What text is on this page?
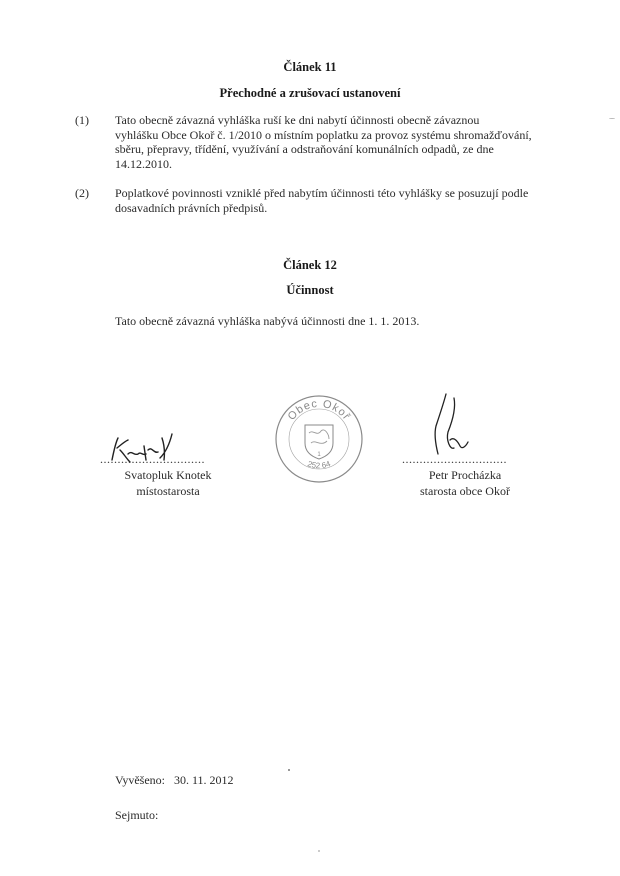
Článek 11
Přechodné a zrušovací ustanovení
(1) Tato obecně závazná vyhláška ruší ke dni nabytí účinnosti obecně závaznou
vyhlášku Obce Okoř č. 1/2010 o místním poplatku za provoz systému shromažďování,
sběru, přepravy, třídění, využívání a odstraňování komunálních odpadů, ze dne
14.12.2010.
(2) Poplatkové povinnosti vzniklé před nabytím účinnosti této vyhlášky se posuzují podle
dosavadních právních předpisů.
Článek 12
Účinnost
Tato obecně závazná vyhláška nabývá účinnosti dne 1. 1. 2013.
..............................
Svatopluk Knotek
místostarosta
Obec Okoř
252 64
1	..............................
Petr Procházka
starosta obce Okoř
Vyvěšeno: 30. 11. 2012
Sejmuto:
